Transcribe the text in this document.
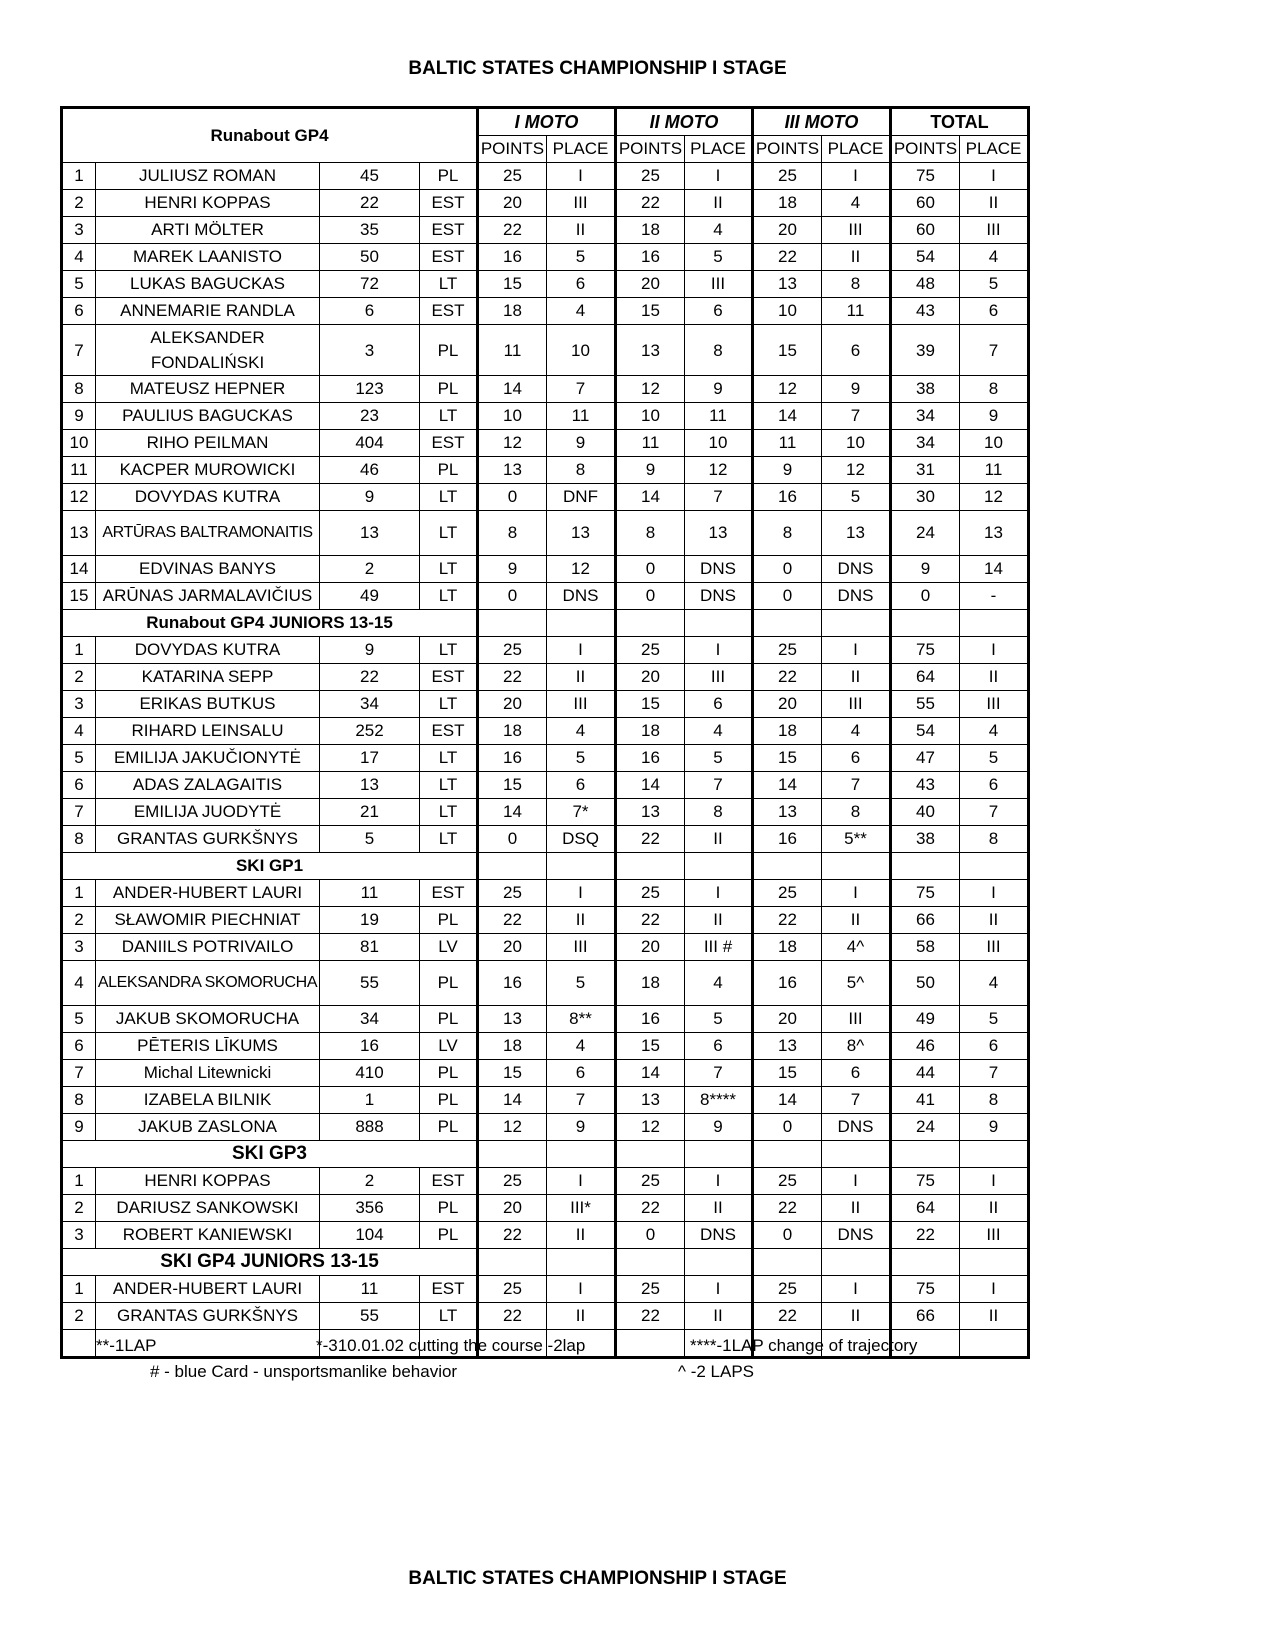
BALTIC STATES CHAMPIONSHIP I STAGE
Runabout GP4				I MOTO		II MOTO		III MOTO		TOTAL	
				POINTS	PLACE	POINTS	PLACE	POINTS	PLACE	POINTS	PLACE
1	JULIUSZ ROMAN	45	PL	25	I	25	I	25	I	75	I
2	HENRI KOPPAS	22	EST	20	III	22	II	18	4	60	II
3	ARTI MÖLTER	35	EST	22	II	18	4	20	III	60	III
4	MAREK LAANISTO	50	EST	16	5	16	5	22	II	54	4
5	LUKAS BAGUCKAS	72	LT	15	6	20	III	13	8	48	5
6	ANNEMARIE RANDLA	6	EST	18	4	15	6	10	11	43	6
7	ALEKSANDER FONDALIŃSKI	3	PL	11	10	13	8	15	6	39	7
8	MATEUSZ HEPNER	123	PL	14	7	12	9	12	9	38	8
9	PAULIUS BAGUCKAS	23	LT	10	11	10	11	14	7	34	9
10	RIHO PEILMAN	404	EST	12	9	11	10	11	10	34	10
11	KACPER MUROWICKI	46	PL	13	8	9	12	9	12	31	11
12	DOVYDAS KUTRA	9	LT	0	DNF	14	7	16	5	30	12
13	ARTŪRAS BALTRAMONAITIS	13	LT	8	13	8	13	8	13	24	13
14	EDVINAS BANYS	2	LT	9	12	0	DNS	0	DNS	9	14
15	ARŪNAS JARMALAVIČIUS	49	LT	0	DNS	0	DNS	0	DNS	0	-
Runabout GP4 JUNIORS 13-15											
1	DOVYDAS KUTRA	9	LT	25	I	25	I	25	I	75	I
2	KATARINA SEPP	22	EST	22	II	20	III	22	II	64	II
3	ERIKAS BUTKUS	34	LT	20	III	15	6	20	III	55	III
4	RIHARD LEINSALU	252	EST	18	4	18	4	18	4	54	4
5	EMILIJA JAKUČIONYTĖ	17	LT	16	5	16	5	15	6	47	5
6	ADAS ZALAGAITIS	13	LT	15	6	14	7	14	7	43	6
7	EMILIJA JUODYTĖ	21	LT	14	7*	13	8	13	8	40	7
8	GRANTAS GURKŠNYS	5	LT	0	DSQ	22	II	16	5**	38	8
SKI GP1											
1	ANDER-HUBERT LAURI	11	EST	25	I	25	I	25	I	75	I
2	SŁAWOMIR PIECHNIAT	19	PL	22	II	22	II	22	II	66	II
3	DANIILS POTRIVAILO	81	LV	20	III	20	III #	18	4^	58	III
4	ALEKSANDRA SKOMORUCHA	55	PL	16	5	18	4	16	5^	50	4
5	JAKUB SKOMORUCHA	34	PL	13	8**	16	5	20	III	49	5
6	PĒTERIS LĪKUMS	16	LV	18	4	15	6	13	8^	46	6
7	Michal Litewnicki	410	PL	15	6	14	7	15	6	44	7
8	IZABELA BILNIK	1	PL	14	7	13	8****	14	7	41	8
9	JAKUB ZASLONA	888	PL	12	9	12	9	0	DNS	24	9
SKI GP3											
1	HENRI KOPPAS	2	EST	25	I	25	I	25	I	75	I
2	DARIUSZ SANKOWSKI	356	PL	20	III*	22	II	22	II	64	II
3	ROBERT KANIEWSKI	104	PL	22	II	0	DNS	0	DNS	22	III
SKI GP4 JUNIORS 13-15											
1	ANDER-HUBERT LAURI	11	EST	25	I	25	I	25	I	75	I
2	GRANTAS GURKŠNYS	55	LT	22	II	22	II	22	II	66	II

**-1LAP	*-310.01.02 cutting the course -2lap	****-1LAP change of trajectory
# - blue Card - unsportsmanlike behavior	^ -2 LAPS
BALTIC STATES CHAMPIONSHIP I STAGE
